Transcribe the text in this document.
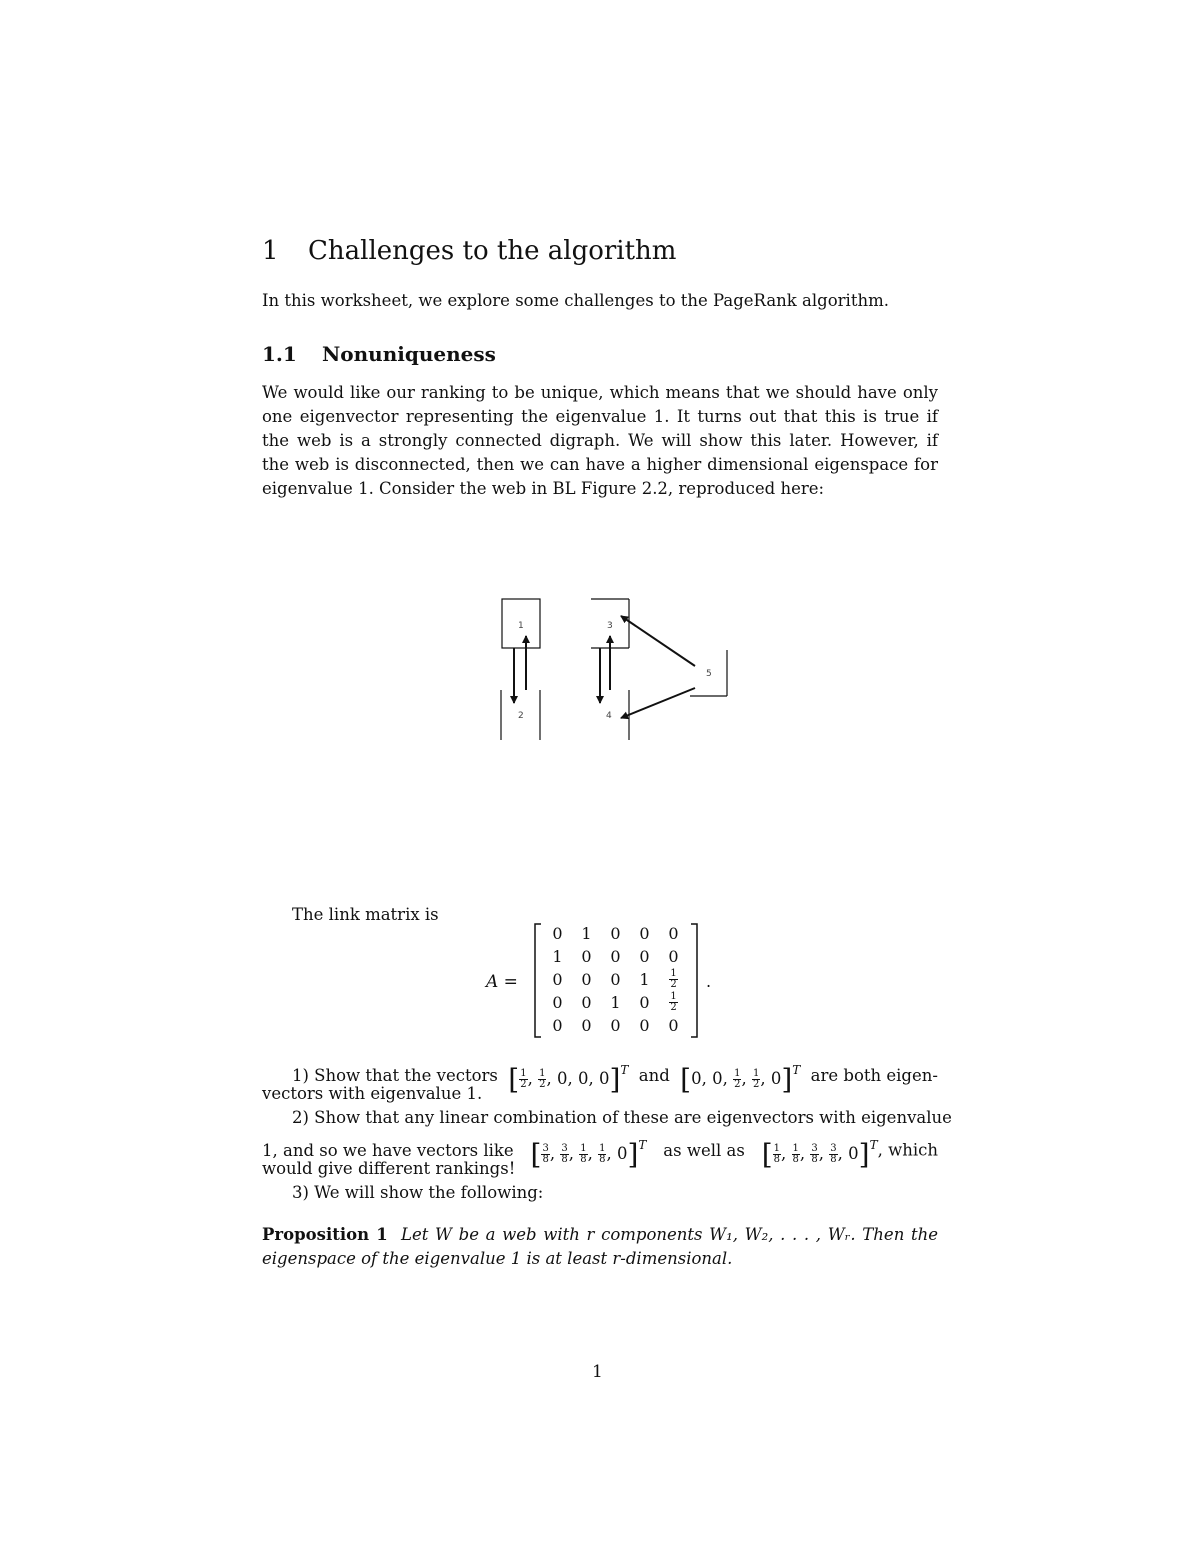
1 Challenges to the algorithm
In this worksheet, we explore some challenges to the PageRank algorithm.
1.1 Nonuniqueness
We would like our ranking to be unique, which means that we should have only
one eigenvector representing the eigenvalue 1. It turns out that this is true if
the web is a strongly connected digraph. We will show this later. However, if
the web is disconnected, then we can have a higher dimensional eigenspace for
eigenvalue 1. Consider the web in BL Figure 2.2, reproduced here:
1
2
3
4
5
The link matrix is
A =
0	1	0	0	0
1	0	0	0	0
0	0	0	1	$\frac{1}{2}$

0	0	1	0	$\frac{1}{2}$

0	0	0	0	0
.
1) Show that the vectors [ $\frac{1}{2}$ , $\frac{1}{2}$ , 0, 0, 0]$^T$ and [0, 0, $\frac{1}{2}$ , $\frac{1}{2}$ , 0]$^T$ are both eigen-
vectors with eigenvalue 1.
2) Show that any linear combination of these are eigenvectors with eigenvalue
1, and so we have vectors like [ $\frac{3}{8}$ , $\frac{3}{8}$ , $\frac{1}{8}$ , $\frac{1}{8}$ , 0]$^T$ as well as [ $\frac{1}{8}$ , $\frac{1}{8}$ , $\frac{3}{8}$ , $\frac{3}{8}$ , 0]$^T$, which
would give different rankings!
3) We will show the following:
Proposition 1 Let W be a web with r components W₁, W₂, . . . , Wᵣ. Then the
eigenspace of the eigenvalue 1 is at least r-dimensional.
1
